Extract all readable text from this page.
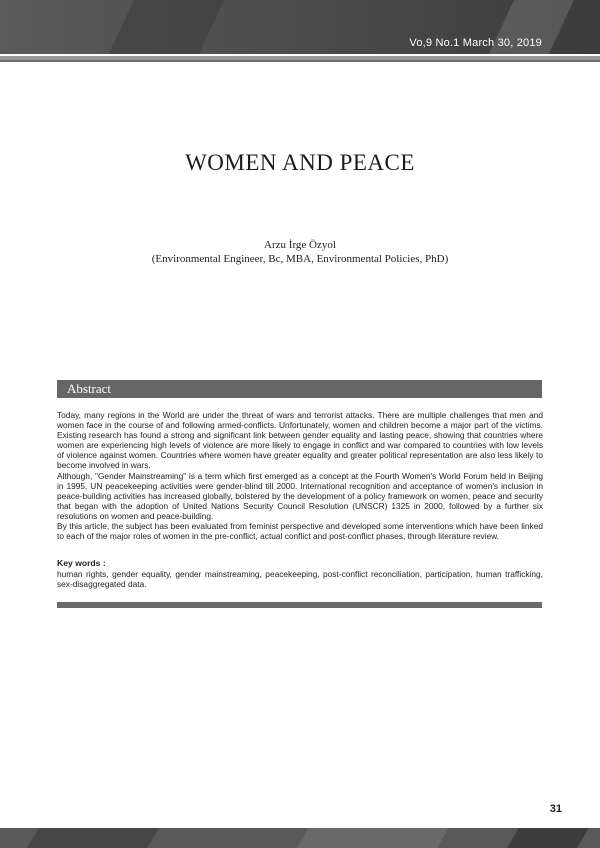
Vo,9 No.1 March 30, 2019
WOMEN AND PEACE
Arzu İrge Özyol
(Environmental Engineer, Bc, MBA, Environmental Policies, PhD)
Abstract

Today, many regions in the World are under the threat of wars and terrorist attacks. There are multiple challenges that men and women face in the course of and following armed-conflicts. Unfortunately, women and children become a major part of the victims. Existing research has found a strong and significant link between gender equality and lasting peace, showing that countries where women are experiencing high levels of violence are more likely to engage in conflict and war compared to countries with low levels of violence against women. Countries where women have greater equality and greater political representation are also less likely to become involved in wars.

Although, "Gender Mainstreaming" is a term which first emerged as a concept at the Fourth Women's World Forum held in Beijing in 1995, UN peacekeeping activities were gender-blind till 2000. International recognition and acceptance of women's inclusion in peace-building activities has increased globally, bolstered by the development of a policy framework on women, peace and security that began with the adoption of United Nations Security Council Resolution (UNSCR) 1325 in 2000, followed by a further six resolutions on women and peace-building.

By this article, the subject has been evaluated from feminist perspective and developed some interventions which have been linked to each of the major roles of women in the pre-conflict, actual conflict and post-conflict phases, through literature review.

Key words :
human rights, gender equality, gender mainstreaming, peacekeeping, post-conflict reconciliation, participation, human trafficking, sex-disaggregated data.
31
